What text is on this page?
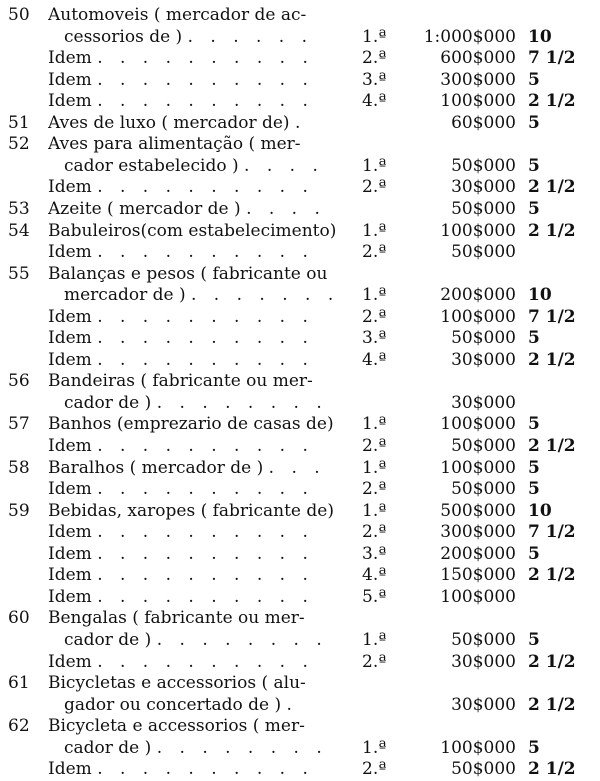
50	Automoveis ( mercador de ac-
cessorios de ) . . . . . .	1.ª	1:000$000 10
Idem . . . . . . . . . .	2.ª	600$000 7 1/2
Idem . . . . . . . . . .	3.ª	300$000 5
Idem . . . . . . . . . .	4.ª	100$000 2 1/2
51	Aves de luxo ( mercador de) .	60$000 5
52	Aves para alimentação ( mer-
cador estabelecido ) . . . .	1.ª	50$000 5
Idem . . . . . . . . . .	2.ª	30$000 2 1/2
53	Azeite ( mercador de ) . . . .	50$000 5
54	Babuleiros(com estabelecimento)	1.ª	100$000 2 1/2
Idem . . . . . . . . . .	2.ª	50$000
55	Balanças e pesos ( fabricante ou
mercador de ) . . . . . . .	1.ª	200$000 10
Idem . . . . . . . . . .	2.ª	100$000 7 1/2
Idem . . . . . . . . . .	3.ª	50$000 5
Idem . . . . . . . . . .	4.ª	30$000 2 1/2
56	Bandeiras ( fabricante ou mer-
cador de ) . . . . . . . .	30$000
57	Banhos (emprezario de casas de)	1.ª	100$000 5
Idem . . . . . . . . . .	2.ª	50$000 2 1/2
58	Baralhos ( mercador de ) . . .	1.ª	100$000 5
Idem . . . . . . . . . .	2.ª	50$000 5
59	Bebidas, xaropes ( fabricante de)	1.ª	500$000 10
Idem . . . . . . . . . .	2.ª	300$000 7 1/2
Idem . . . . . . . . . .	3.ª	200$000 5
Idem . . . . . . . . . .	4.ª	150$000 2 1/2
Idem . . . . . . . . . .	5.ª	100$000
60	Bengalas ( fabricante ou mer-
cador de ) . . . . . . . .	1.ª	50$000 5
Idem . . . . . . . . . .	2.ª	30$000 2 1/2
61	Bicycletas e accessorios ( alu-
gador ou concertado de ) .	30$000 2 1/2
62	Bicycleta e accessorios ( mer-
cador de ) . . . . . . . .	1.ª	100$000 5
Idem . . . . . . . . . .	2.ª	50$000 2 1/2
